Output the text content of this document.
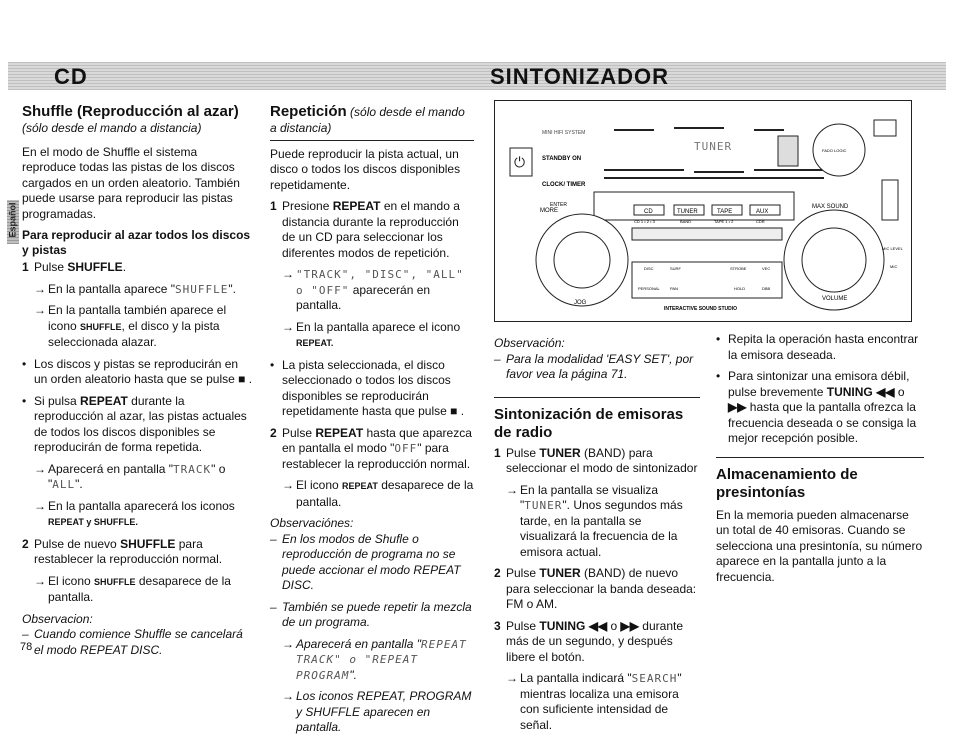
CD	SINTONIZADOR
Español
Shuffle (Reproducción al azar)
(sólo desde el mando a distancia)

En el modo de Shuffle el sistema reproduce todas las pistas de los discos cargados en un orden aleatorio. También puede usarse para reproducir las pistas programadas.

Para reproducir al azar todos los discos y pistas

1 Pulse SHUFFLE.

→ En la pantalla aparece "SHUFFLE".

→ En la pantalla también aparece el icono SHUFFLE, el disco y la pista seleccionada alazar.

• Los discos y pistas se reproducirán en un orden aleatorio hasta que se pulse ■ .

• Si pulsa REPEAT durante la reproducción al azar, las pistas actuales de todos los discos disponibles se reproducirán de forma repetida.

→ Aparecerá en pantalla "TRACK" o "ALL".

→ En la pantalla aparecerá los iconos
REPEAT y SHUFFLE.

2 Pulse de nuevo SHUFFLE para restablecer la reproducción normal.

→ El icono SHUFFLE desaparece de la pantalla.

Observacion:

– Cuando comience Shuffle se cancelará el modo REPEAT DISC.

Repetición (sólo desde el mando a distancia)

Puede reproducir la pista actual, un disco o todos los discos disponibles repetidamente.

1 Presione REPEAT en el mando a distancia durante la reproducción de un CD para seleccionar los diferentes modos de repetición.

→ "TRACK", "DISC", "ALL" o "OFF" aparecerán en pantalla.

→ En la pantalla aparece el icono
REPEAT.

• La pista seleccionada, el disco seleccionado o todos los discos disponibles se reproducirán repetidamente hasta que pulse ■ .

2 Pulse REPEAT hasta que aparezca en pantalla el modo "OFF" para restablecer la reproducción normal.

→ El icono REPEAT desaparece de la pantalla.

Observaciónes:

– En los modos de Shufle o reproducción de programa no se puede accionar el modo REPEAT DISC.

– También se puede repetir la mezcla de un programa.

→ Aparecerá en pantalla "REPEAT TRACK" o "REPEAT PROGRAM".

→ Los iconos REPEAT, PROGRAM y SHUFFLE aparecen en pantalla.

⏻
MINI HIFI SYSTEM
STANDBY ON
CLOCK/ TIMER
TUNER	FADO LOGIC
CD	TUNER	TAPE	AUX
CD 1 • 2 • 3	BAND	TAPE 1 • 2	CDR
MORE
ENTER	MAX SOUND
VOLUME
JOG
MIC LEVEL
MIC
DISC
PERSONAL
SURF
PAN
STROBE
HOLD
VEC
DBB
INTERACTIVE SOUND STUDIO
Observación:

– Para la modalidad 'EASY SET', por favor vea la página 71.

Sintonización de emisoras de radio

1 Pulse TUNER (BAND) para seleccionar el modo de sintonizador

→ En la pantalla se visualiza "TUNER". Unos segundos más tarde, en la pantalla se visualizará la frecuencia de la emisora actual.

2 Pulse TUNER (BAND) de nuevo para seleccionar la banda deseada: FM o AM.

3 Pulse TUNING ◀◀ o ▶▶ durante más de un segundo, y después libere el botón.

→ La pantalla indicará "SEARCH" mientras localiza una emisora con suficiente intensidad de señal.

• Repita la operación hasta encontrar la emisora deseada.

• Para sintonizar una emisora débil, pulse brevemente TUNING ◀◀ o ▶▶ hasta que la pantalla ofrezca la frecuencia deseada o se consiga la mejor recepción posible.

Almacenamiento de presintonías

En la memoria pueden almacenarse un total de 40 emisoras. Cuando se selecciona una presintonía, su número aparece en la pantalla junto a la frecuencia.

78
